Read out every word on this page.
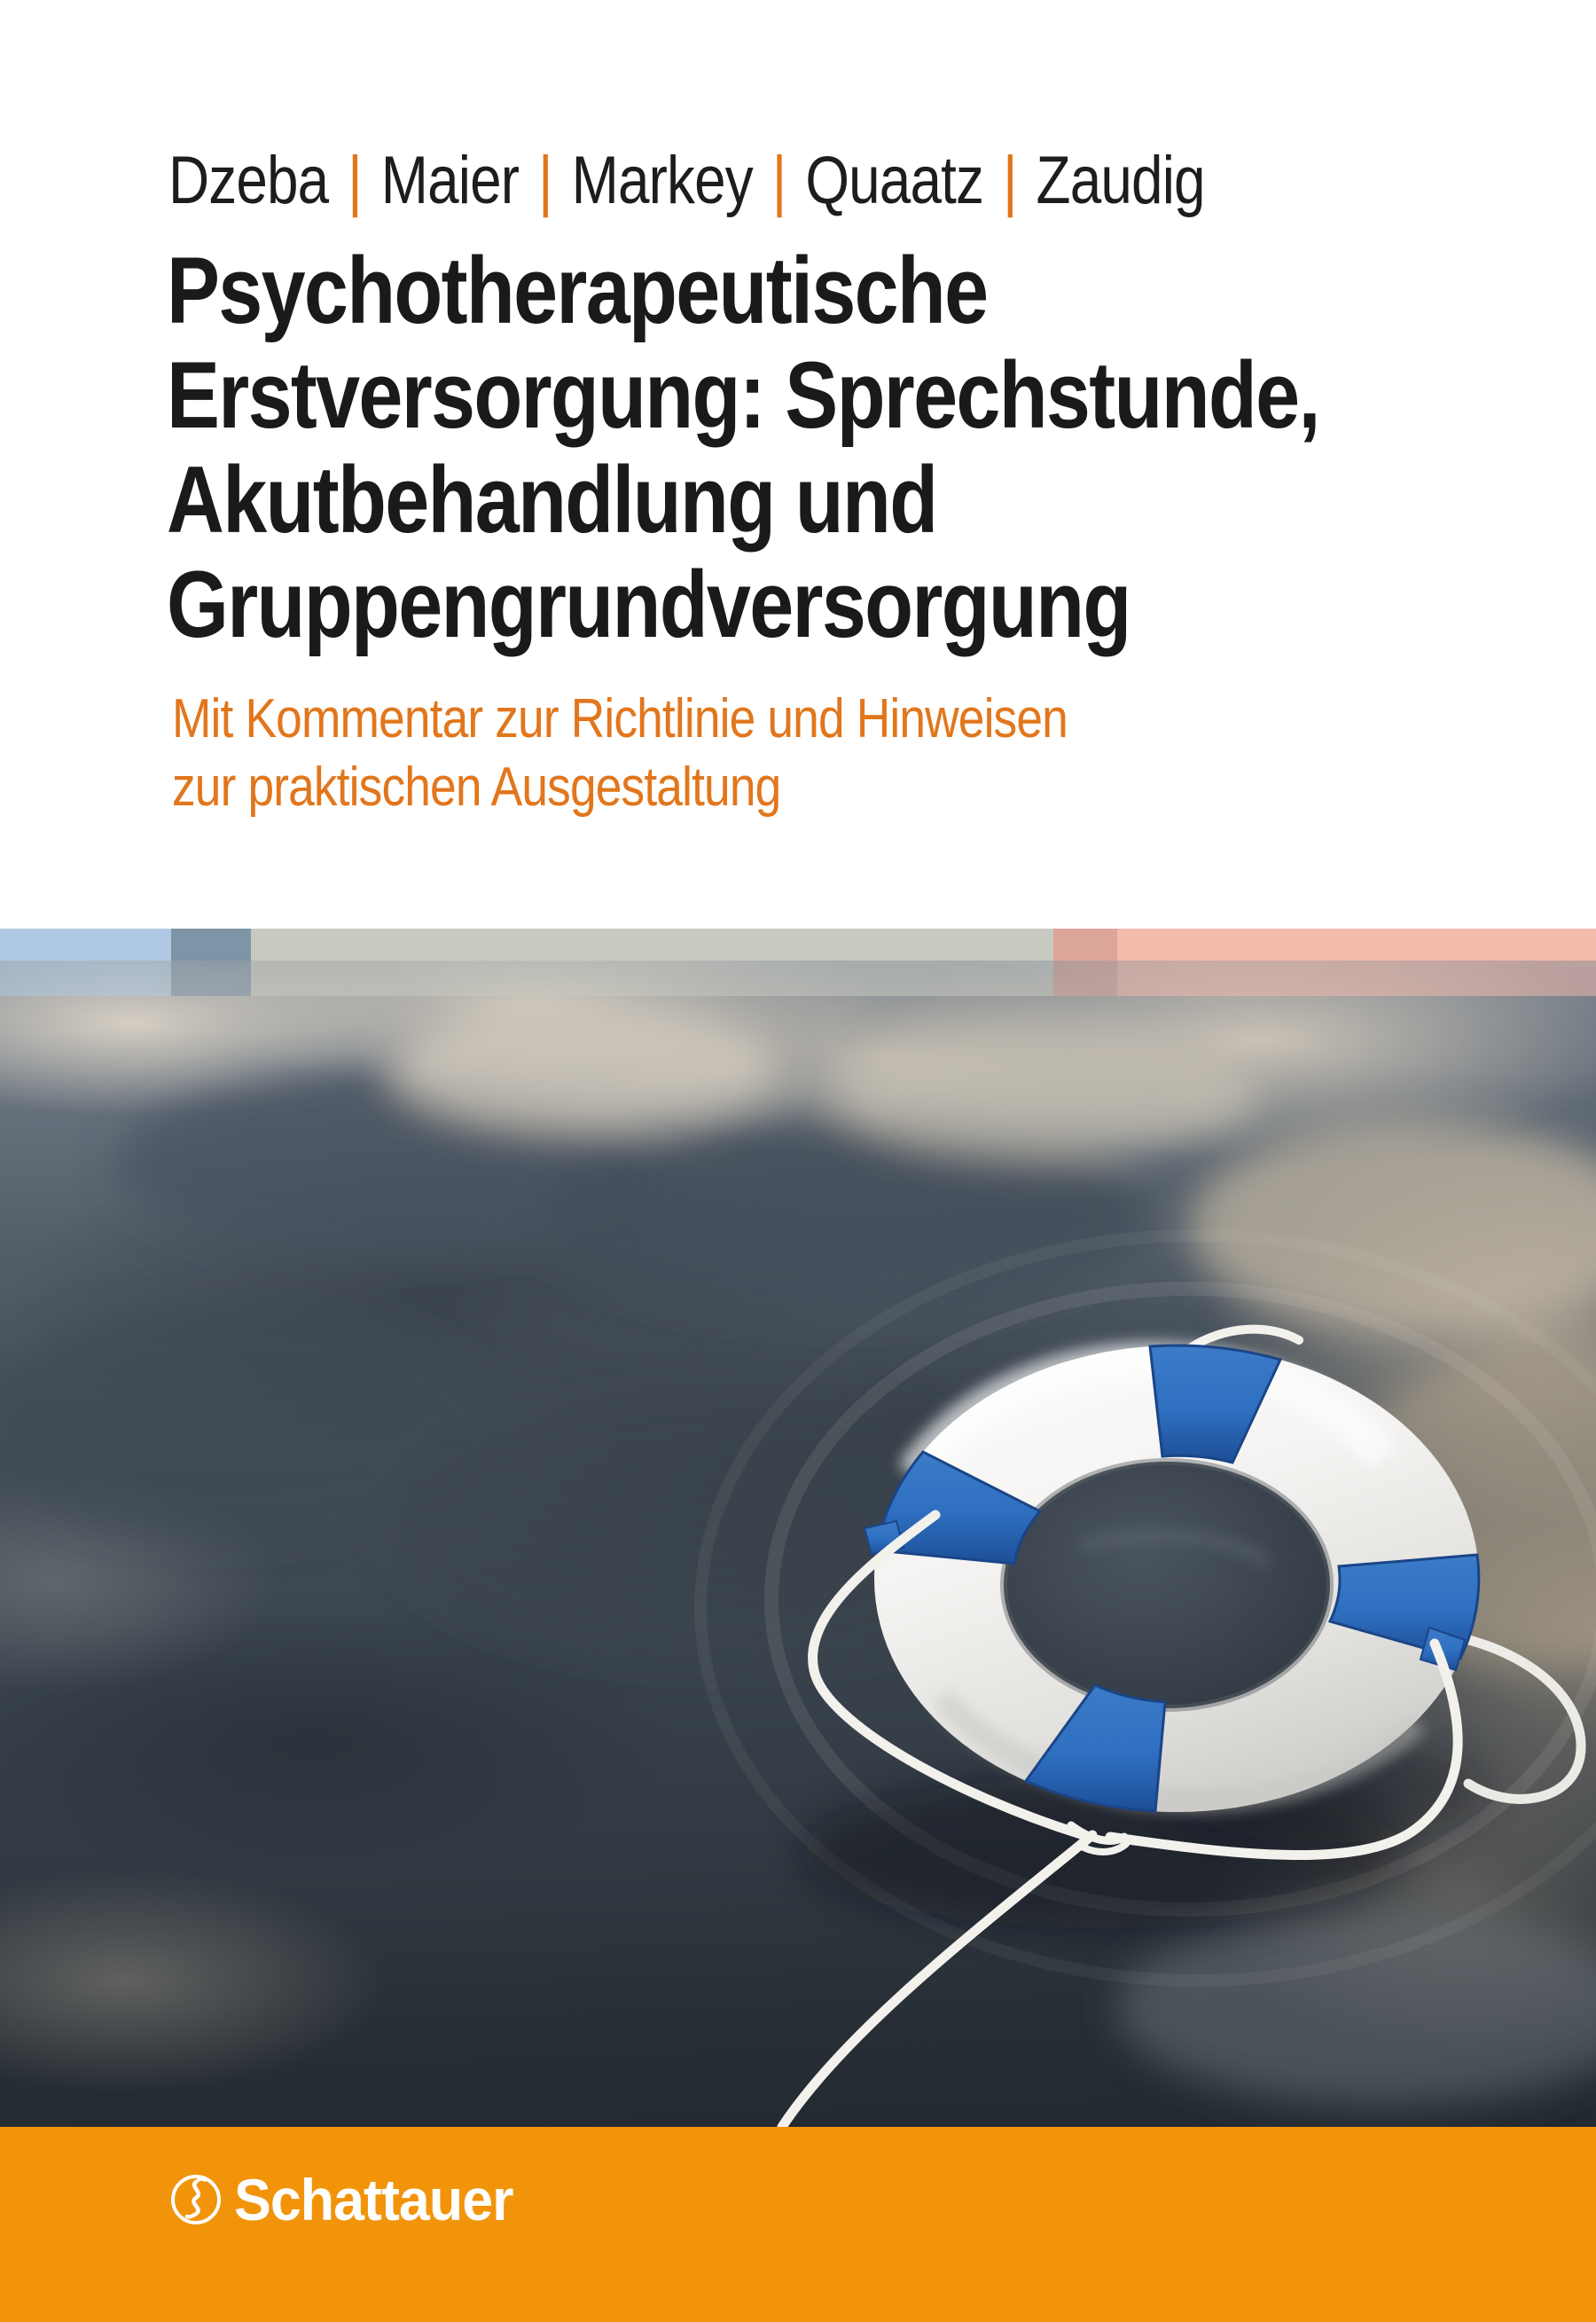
Dzeba | Maier | Markey | Quaatz | Zaudig
Psychotherapeutische
Erstversorgung: Sprechstunde,
Akutbehandlung und
Gruppengrundversorgung
Mit Kommentar zur Richtlinie und Hinweisen
zur praktischen Ausgestaltung
Schattauer
